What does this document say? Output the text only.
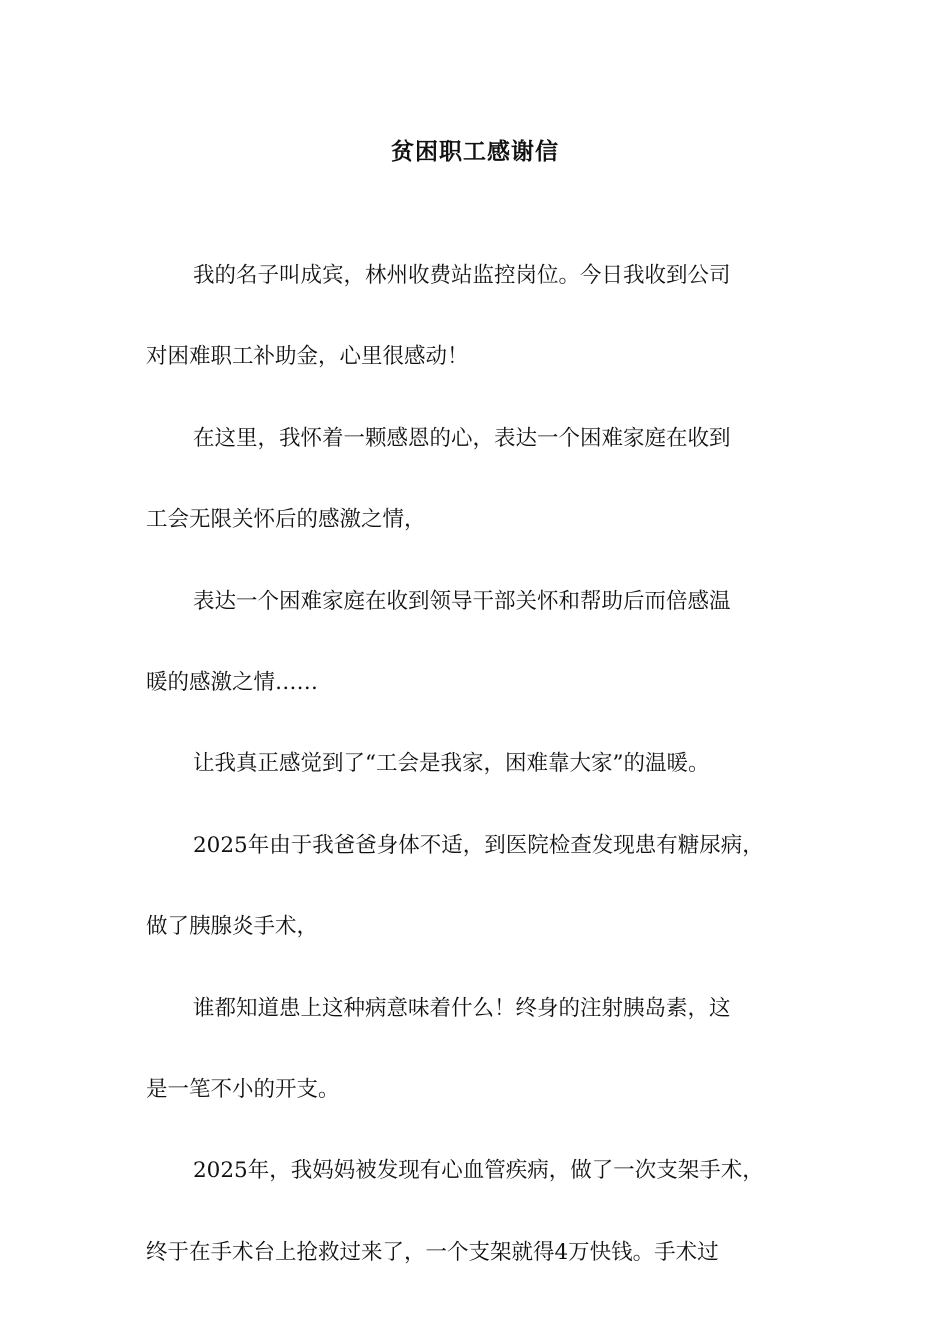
贫困职工感谢信
我的名子叫成宾，林州收费站监控岗位。今日我收到公司
对困难职工补助金，心里很感动！
在这里，我怀着一颗感恩的心，表达一个困难家庭在收到
工会无限关怀后的感激之情，
表达一个困难家庭在收到领导干部关怀和帮助后而倍感温
暖的感激之情……
让我真正感觉到了“工会是我家，困难靠大家”的温暖。
2025年由于我爸爸身体不适，到医院检查发现患有糖尿病，
做了胰腺炎手术，
谁都知道患上这种病意味着什么！终身的注射胰岛素，这
是一笔不小的开支。
2025年，我妈妈被发现有心血管疾病，做了一次支架手术，
终于在手术台上抢救过来了，一个支架就得4万快钱。手术过
